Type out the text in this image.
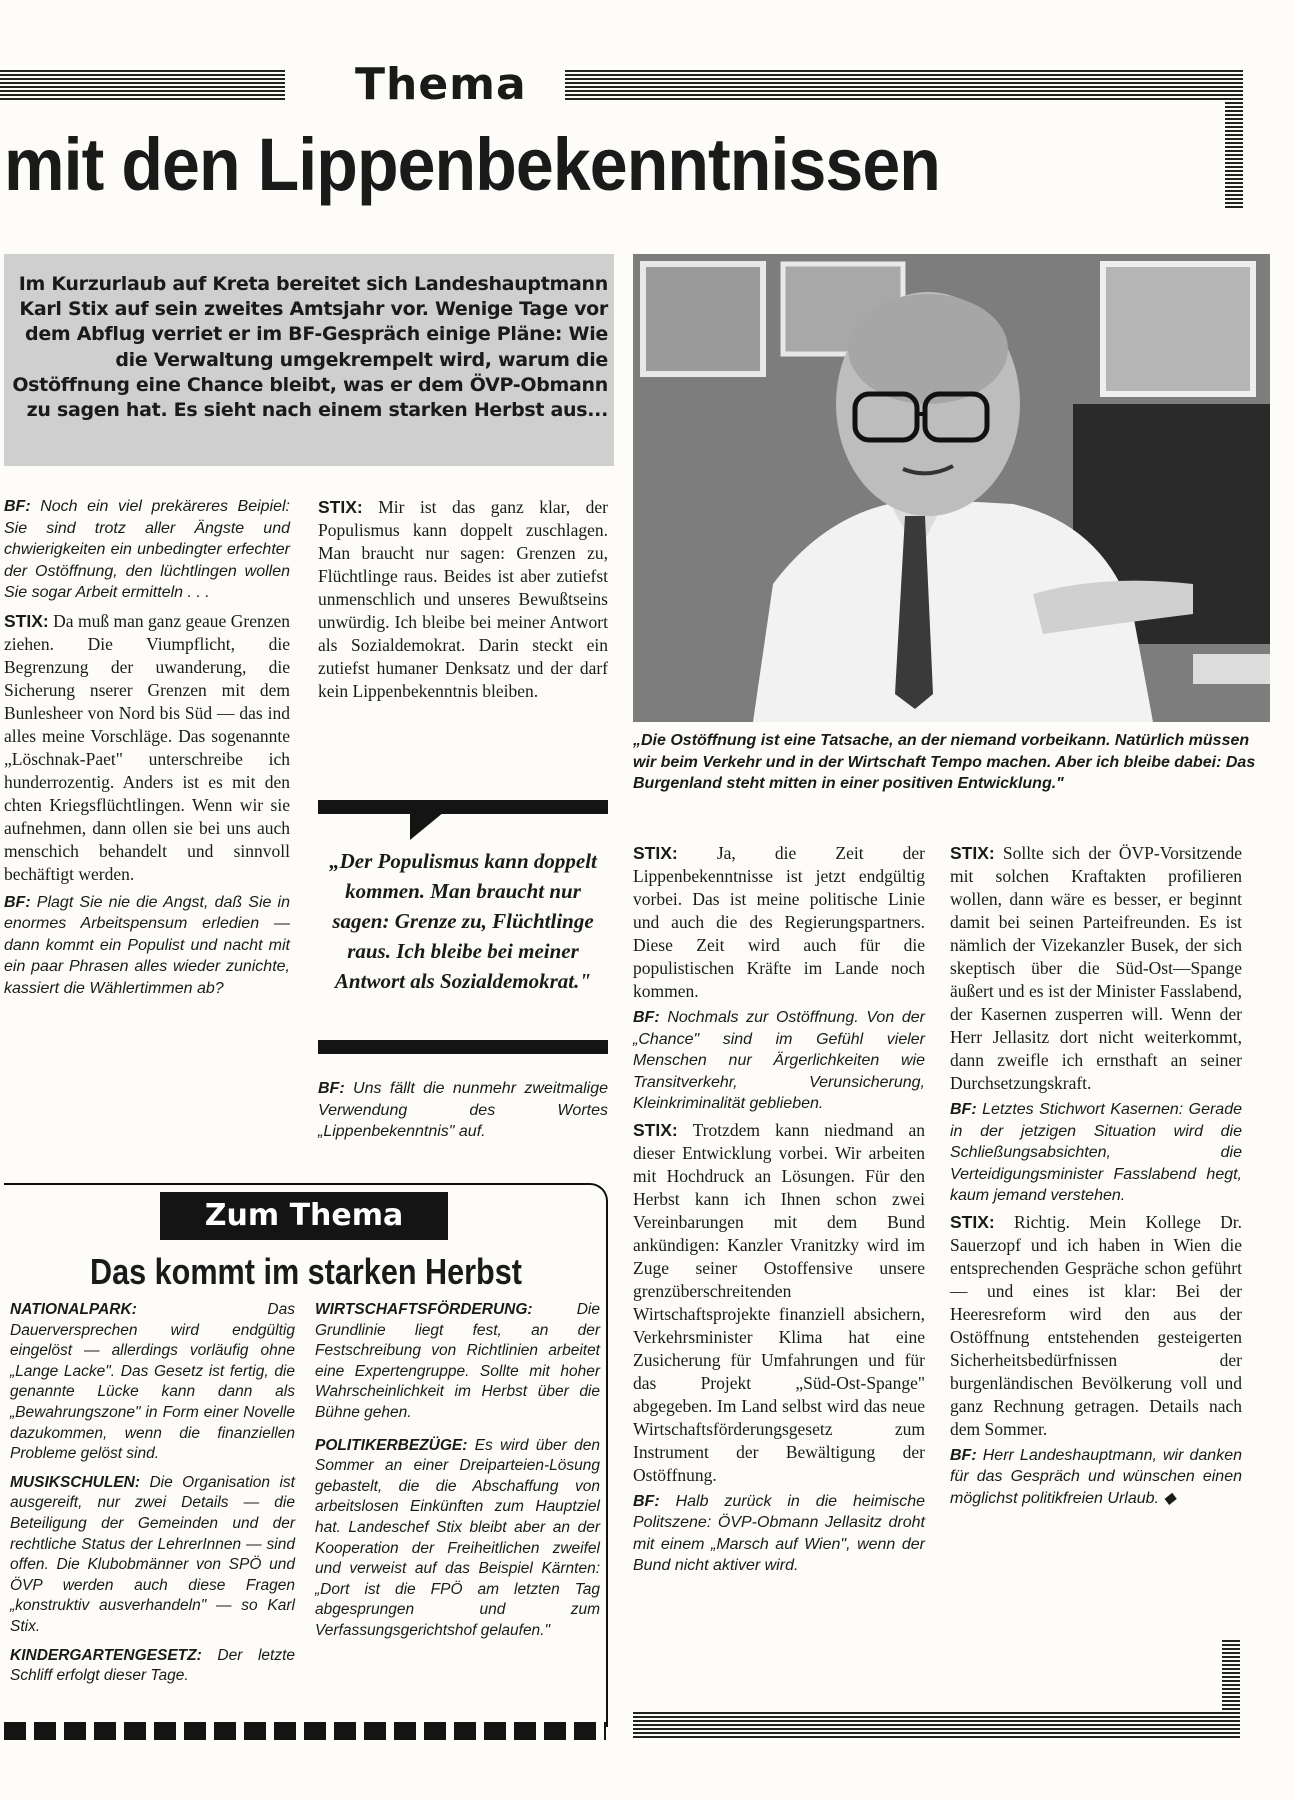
Thema
mit den Lippenbekenntnissen
Im Kurzurlaub auf Kreta bereitet sich Landeshauptmann Karl Stix auf sein zweites Amtsjahr vor. Wenige Tage vor dem Abflug verriet er im BF-Gespräch einige Pläne: Wie die Verwaltung umgekrempelt wird, warum die Ostöffnung eine Chance bleibt, was er dem ÖVP-Obmann zu sagen hat. Es sieht nach einem starken Herbst aus...
„Die Ostöffnung ist eine Tatsache, an der niemand vorbeikann. Natürlich müssen wir beim Verkehr und in der Wirtschaft Tempo machen. Aber ich bleibe dabei: Das Burgenland steht mitten in einer positiven Entwicklung."

BF: Noch ein viel prekäreres Beipiel: Sie sind trotz aller Ängste und chwierigkeiten ein unbedingter erfechter der Ostöffnung, den lüchtlingen wollen Sie sogar Arbeit ermitteln . . .

STIX: Da muß man ganz geaue Grenzen ziehen. Die Viumpflicht, die Begrenzung der uwanderung, die Sicherung nserer Grenzen mit dem Bunlesheer von Nord bis Süd — das ind alles meine Vorschläge. Das sogenannte „Löschnak-Paet" unterschreibe ich hunderrozentig. Anders ist es mit den chten Kriegsflüchtlingen. Wenn wir sie aufnehmen, dann ollen sie bei uns auch menschich behandelt und sinnvoll bechäftigt werden.

BF: Plagt Sie nie die Angst, daß Sie in enormes Arbeitspensum erledien — dann kommt ein Populist und nacht mit ein paar Phrasen alles wieder zunichte, kassiert die Wählertimmen ab?

STIX: Mir ist das ganz klar, der Populismus kann doppelt zuschlagen. Man braucht nur sagen: Grenzen zu, Flüchtlinge raus. Beides ist aber zutiefst unmenschlich und unseres Bewußtseins unwürdig. Ich bleibe bei meiner Antwort als Sozialdemokrat. Darin steckt ein zutiefst humaner Denksatz und der darf kein Lippenbekenntnis bleiben.

„Der Populismus kann doppelt kommen. Man braucht nur sagen: Grenze zu, Flüchtlinge raus. Ich bleibe bei meiner Antwort als Sozialdemokrat."

BF: Uns fällt die nunmehr zweitmalige Verwendung des Wortes „Lippenbekenntnis" auf.

STIX: Ja, die Zeit der Lippenbekenntnisse ist jetzt endgültig vorbei. Das ist meine politische Linie und auch die des Regierungspartners. Diese Zeit wird auch für die populistischen Kräfte im Lande noch kommen.

BF: Nochmals zur Ostöffnung. Von der „Chance" sind im Gefühl vieler Menschen nur Ärgerlichkeiten wie Transitverkehr, Verunsicherung, Kleinkriminalität geblieben.

STIX: Trotzdem kann niedmand an dieser Entwicklung vorbei. Wir arbeiten mit Hochdruck an Lösungen. Für den Herbst kann ich Ihnen schon zwei Vereinbarungen mit dem Bund ankündigen: Kanzler Vranitzky wird im Zuge seiner Ostoffensive unsere grenzüberschreitenden Wirtschaftsprojekte finanziell absichern, Verkehrsminister Klima hat eine Zusicherung für Umfahrungen und für das Projekt „Süd-Ost-Spange" abgegeben. Im Land selbst wird das neue Wirtschaftsförderungsgesetz zum Instrument der Bewältigung der Ostöffnung.

BF: Halb zurück in die heimische Politszene: ÖVP-Obmann Jellasitz droht mit einem „Marsch auf Wien", wenn der Bund nicht aktiver wird.

STIX: Sollte sich der ÖVP-Vorsitzende mit solchen Kraftakten profilieren wollen, dann wäre es besser, er beginnt damit bei seinen Parteifreunden. Es ist nämlich der Vizekanzler Busek, der sich skeptisch über die Süd-Ost—Spange äußert und es ist der Minister Fasslabend, der Kasernen zusperren will. Wenn der Herr Jellasitz dort nicht weiterkommt, dann zweifle ich ernsthaft an seiner Durchsetzungskraft.

BF: Letztes Stichwort Kasernen: Gerade in der jetzigen Situation wird die Schließungsabsichten, die Verteidigungsminister Fasslabend hegt, kaum jemand verstehen.

STIX: Richtig. Mein Kollege Dr. Sauerzopf und ich haben in Wien die entsprechenden Gespräche schon geführt — und eines ist klar: Bei der Heeresreform wird den aus der Ostöffnung entstehenden gesteigerten Sicherheitsbedürfnissen der burgenländischen Bevölkerung voll und ganz Rechnung getragen. Details nach dem Sommer.

BF: Herr Landeshauptmann, wir danken für das Gespräch und wünschen einen möglichst politikfreien Urlaub. ◆

Zum Thema
Das kommt im starken Herbst

NATIONALPARK:	Das Dauerversprechen wird endgültig eingelöst — allerdings vorläufig ohne „Lange Lacke". Das Gesetz ist fertig, die genannte Lücke kann dann als „Bewahrungszone" in Form einer Novelle dazukommen, wenn die finanziellen Probleme gelöst sind.

MUSIKSCHULEN: Die Organisation ist ausgereift, nur zwei Details — die Beteiligung der Gemeinden und der rechtliche Status der LehrerInnen — sind offen. Die Klubobmänner von SPÖ und ÖVP werden auch diese Fragen „konstruktiv ausverhandeln" — so Karl Stix.

KINDERGARTENGESETZ: Der letzte Schliff erfolgt dieser Tage.

WIRTSCHAFTSFÖRDERUNG:	Die Grundlinie liegt fest, an der Festschreibung von Richtlinien arbeitet eine Expertengruppe. Sollte mit hoher Wahrscheinlichkeit im Herbst über die Bühne gehen.

POLITIKERBEZÜGE: Es wird über den Sommer an einer Dreiparteien-Lösung gebastelt, die die Abschaffung von arbeitslosen Einkünften zum Hauptziel hat. Landeschef Stix bleibt aber an der Kooperation der Freiheitlichen zweifel und verweist auf das Beispiel Kärnten: „Dort ist die FPÖ am letzten Tag abgesprungen und zum Verfassungsgerichtshof gelaufen."
